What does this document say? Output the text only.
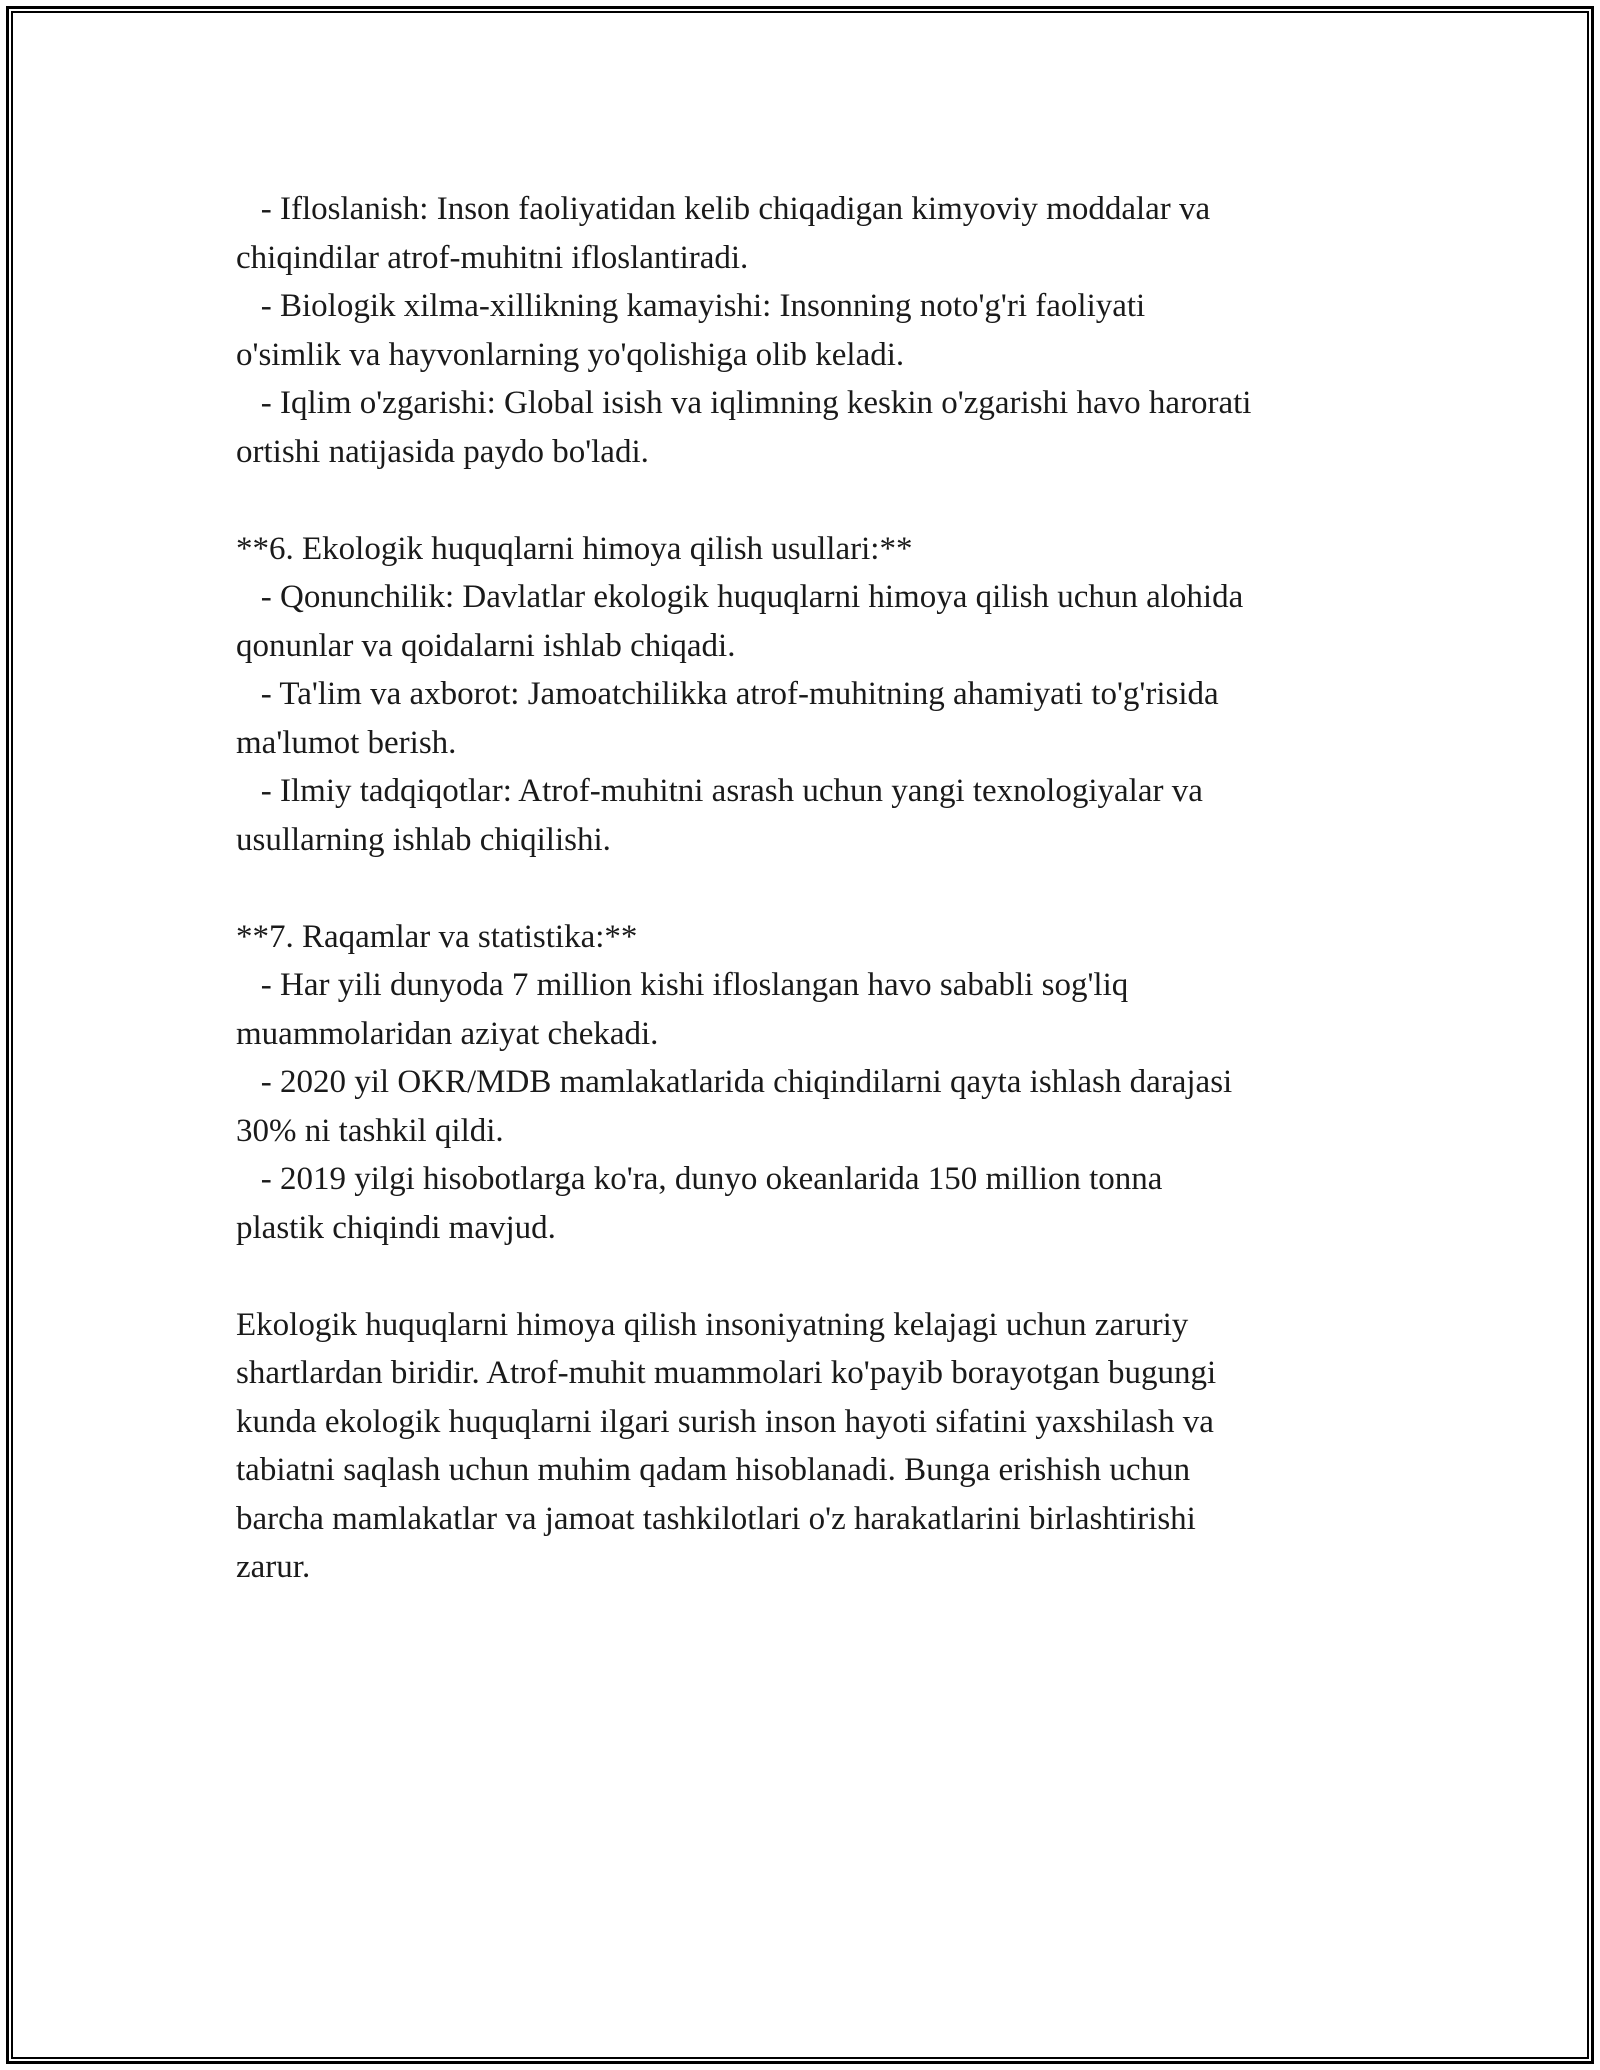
- Ifloslanish: Inson faoliyatidan kelib chiqadigan kimyoviy moddalar va
chiqindilar atrof-muhitni ifloslantiradi.
- Biologik xilma-xillikning kamayishi: Insonning noto'g'ri faoliyati
o'simlik va hayvonlarning yo'qolishiga olib keladi.
- Iqlim o'zgarishi: Global isish va iqlimning keskin o'zgarishi havo harorati
ortishi natijasida paydo bo'ladi.
**6. Ekologik huquqlarni himoya qilish usullari:**
- Qonunchilik: Davlatlar ekologik huquqlarni himoya qilish uchun alohida
qonunlar va qoidalarni ishlab chiqadi.
- Ta'lim va axborot: Jamoatchilikka atrof-muhitning ahamiyati to'g'risida
ma'lumot berish.
- Ilmiy tadqiqotlar: Atrof-muhitni asrash uchun yangi texnologiyalar va
usullarning ishlab chiqilishi.
**7. Raqamlar va statistika:**
- Har yili dunyoda 7 million kishi ifloslangan havo sababli sog'liq
muammolaridan aziyat chekadi.
- 2020 yil OKR/MDB mamlakatlarida chiqindilarni qayta ishlash darajasi
30% ni tashkil qildi.
- 2019 yilgi hisobotlarga ko'ra, dunyo okeanlarida 150 million tonna
plastik chiqindi mavjud.
Ekologik huquqlarni himoya qilish insoniyatning kelajagi uchun zaruriy
shartlardan biridir. Atrof-muhit muammolari ko'payib borayotgan bugungi
kunda ekologik huquqlarni ilgari surish inson hayoti sifatini yaxshilash va
tabiatni saqlash uchun muhim qadam hisoblanadi. Bunga erishish uchun
barcha mamlakatlar va jamoat tashkilotlari o'z harakatlarini birlashtirishi
zarur.
